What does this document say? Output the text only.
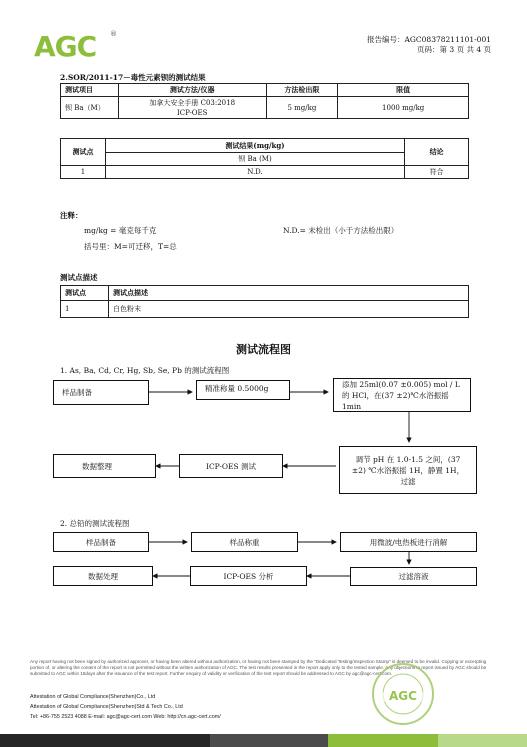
AGC ®
报告编号：AGC08378211101-001
页码：第 3 页 共 4 页
2.SOR/2011-17－毒性元素钡的测试结果
测试项目	测试方法/仪器	方法检出限	限值
钡 Ba（M）	加拿大安全手册 C03:2018
ICP-OES	5 mg/kg	1000 mg/kg
测试点	测试结果(mg/kg)	结论
	钡 Ba (M)	
1	N.D.	符合
注释：
mg/kg = 毫克每千克	N.D.= 未检出（小于方法检出限）
括号里：M=可迁移，T=总
测试点描述
测试点	测试点描述
1	白色粉末
测试流程图
1. As, Ba, Cd, Cr, Hg, Sb, Se, Pb 的测试流程图
样品制备	精准称量 0.5000g	添加 25ml(0.07 ±0.005) mol / L 的 HCl，在(37 ±2)℃水浴振摇 1min
调节 pH 在 1.0-1.5 之间，(37 ±2) ℃水浴振摇 1H，静置 1H，过滤
ICP-OES 测试
数据整理
2. 总铅的测试流程图
样品制备	样品称重	用微波/电热板进行消解
过滤溶液
ICP-OES 分析
数据处理
Any report having not been signed by authorized approver, or having been altered without authorization, or having not been stamped by the "Dedicated Testing/Inspection Stamp" is deemed to be invalid. Copying or excerpting portion of, or altering the content of the report is not permitted without the written authorization of AGC. The test results presented in the report apply only to the tested sample. Any objections to report issued by AGC should be submitted to AGC within 15days after the issuance of the test report. Further enquiry of validity or verification of the test report should be addressed to AGC by agc@agc-cert.com.
Attestation of Global Compliance(Shenzhen)Co., Ltd
Attestation of Global Compliance(Shenzhen)Std & Tech Co., Ltd
Tel: +86-755 2523 4088 E-mail: agc@agc-cert.com Web: http://cn.agc-cert.com/
AGC
